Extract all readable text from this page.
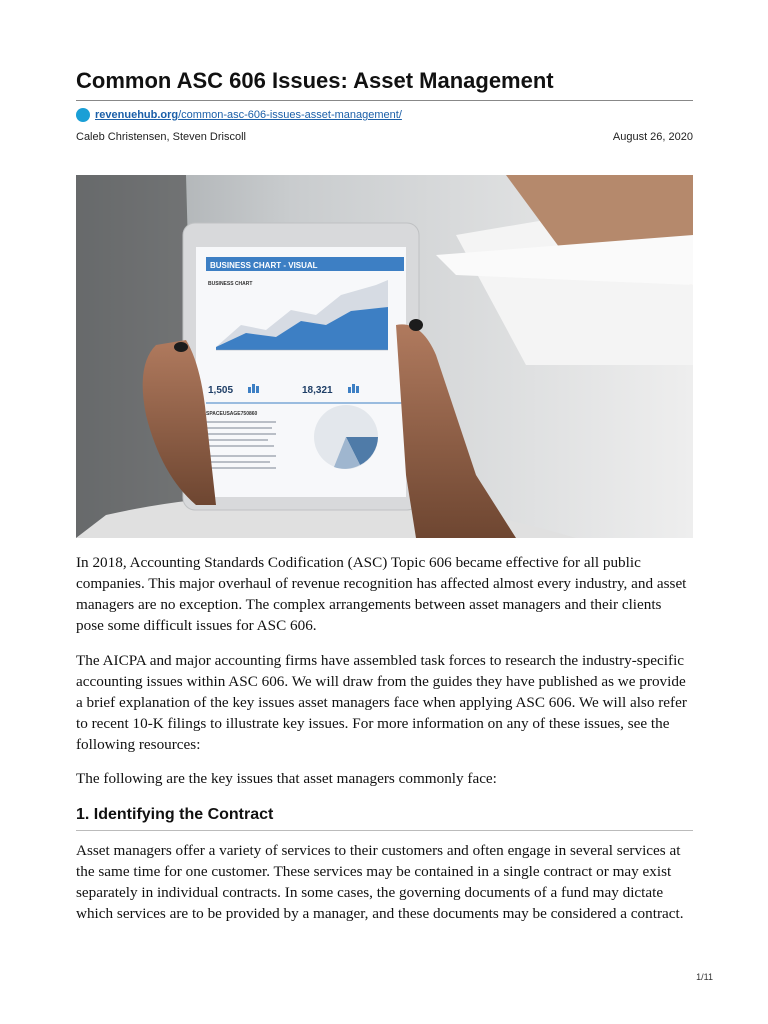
Common ASC 606 Issues: Asset Management
revenuehub.org /common-asc-606-issues-asset-management/
Caleb Christensen, Steven Driscoll	August 26, 2020
BUSINESS CHART - VISUAL
BUSINESS CHART
1,505	18,321
SPACEUSAGE750860

In 2018, Accounting Standards Codification (ASC) Topic 606 became effective for all public companies. This major overhaul of revenue recognition has affected almost every industry, and asset managers are no exception. The complex arrangements between asset managers and their clients pose some difficult issues for ASC 606.

The AICPA and major accounting firms have assembled task forces to research the industry-specific accounting issues within ASC 606. We will draw from the guides they have published as we provide a brief explanation of the key issues asset managers face when applying ASC 606. We will also refer to recent 10-K filings to illustrate key issues. For more information on any of these issues, see the following resources:

The following are the key issues that asset managers commonly face:

1. Identifying the Contract

Asset managers offer a variety of services to their customers and often engage in several services at the same time for one customer. These services may be contained in a single contract or may exist separately in individual contracts. In some cases, the governing documents of a fund may dictate which services are to be provided by a manager, and these documents may be considered a contract.

1/11
